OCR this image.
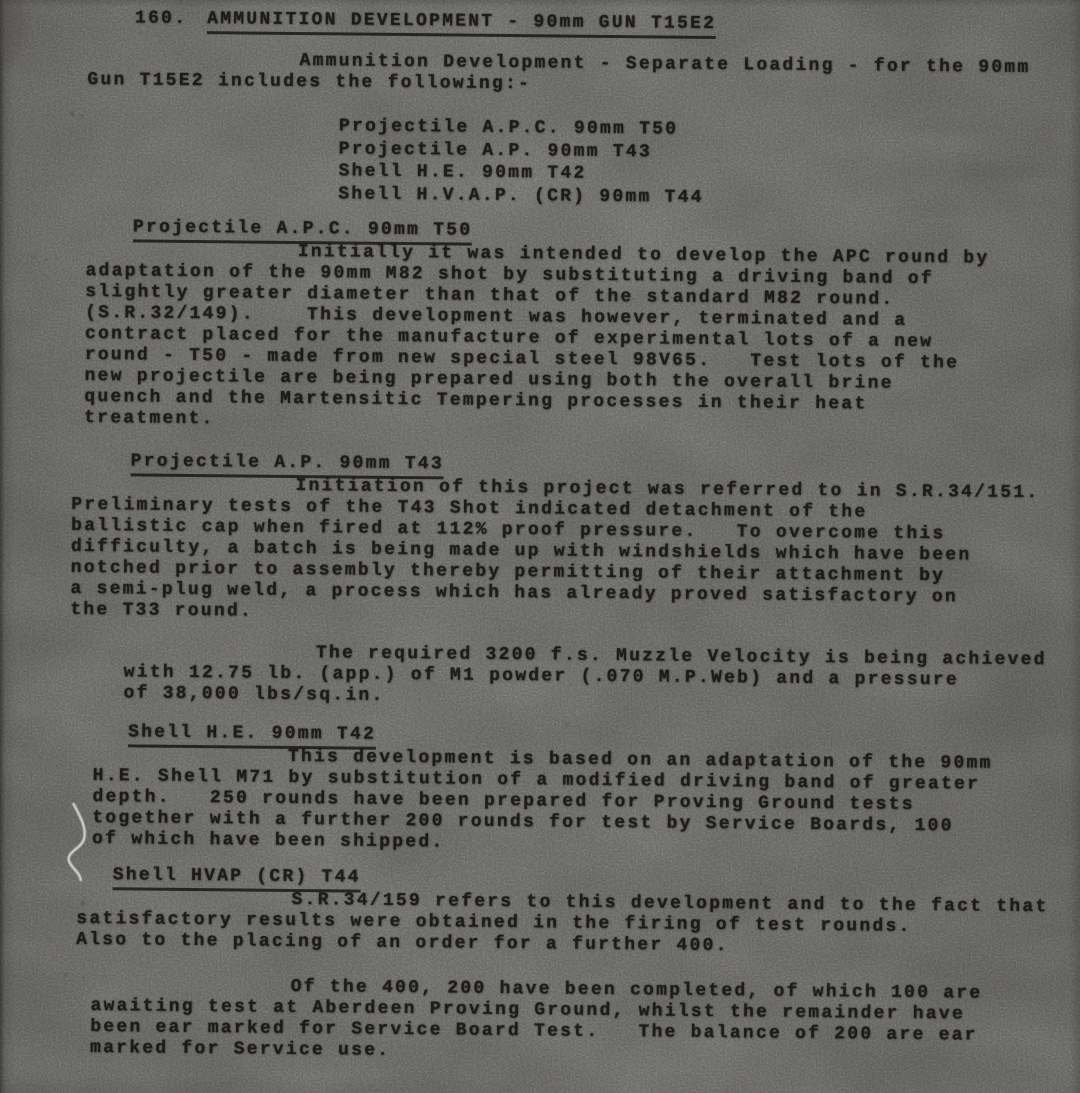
160. AMMUNITION DEVELOPMENT - 90mm GUN T15E2
Ammunition Development - Separate Loading - for the 90mm
Gun T15E2 includes the following:-
Projectile A.P.C. 90mm T50
Projectile A.P. 90mm T43
Shell H.E. 90mm T42
Shell H.V.A.P. (CR) 90mm T44
Projectile A.P.C. 90mm T50
Initially it was intended to develop the APC round by
adaptation of the 90mm M82 shot by substituting a driving band of
slightly greater diameter than that of the standard M82 round.
(S.R.32/149).    This development was however, terminated and a
contract placed for the manufacture of experimental lots of a new
round - T50 - made from new special steel 98V65.   Test lots of the
new projectile are being prepared using both the overall brine
quench and the Martensitic Tempering processes in their heat
treatment.
Projectile A.P. 90mm T43
Initiation of this project was referred to in S.R.34/151.
Preliminary tests of the T43 Shot indicated detachment of the
ballistic cap when fired at 112% proof pressure.   To overcome this
difficulty, a batch is being made up with windshields which have been
notched prior to assembly thereby permitting of their attachment by
a semi-plug weld, a process which has already proved satisfactory on
the T33 round.
The required 3200 f.s. Muzzle Velocity is being achieved
with 12.75 lb. (app.) of M1 powder (.070 M.P.Web) and a pressure
of 38,000 lbs/sq.in.
Shell H.E. 90mm T42
This development is based on an adaptation of the 90mm
H.E. Shell M71 by substitution of a modified driving band of greater
depth.   250 rounds have been prepared for Proving Ground tests
together with a further 200 rounds for test by Service Boards, 100
of which have been shipped.
Shell HVAP (CR) T44
S.R.34/159 refers to this development and to the fact that
satisfactory results were obtained in the firing of test rounds.
Also to the placing of an order for a further 400.
Of the 400, 200 have been completed, of which 100 are
awaiting test at Aberdeen Proving Ground, whilst the remainder have
been ear marked for Service Board Test.   The balance of 200 are ear
marked for Service use.
